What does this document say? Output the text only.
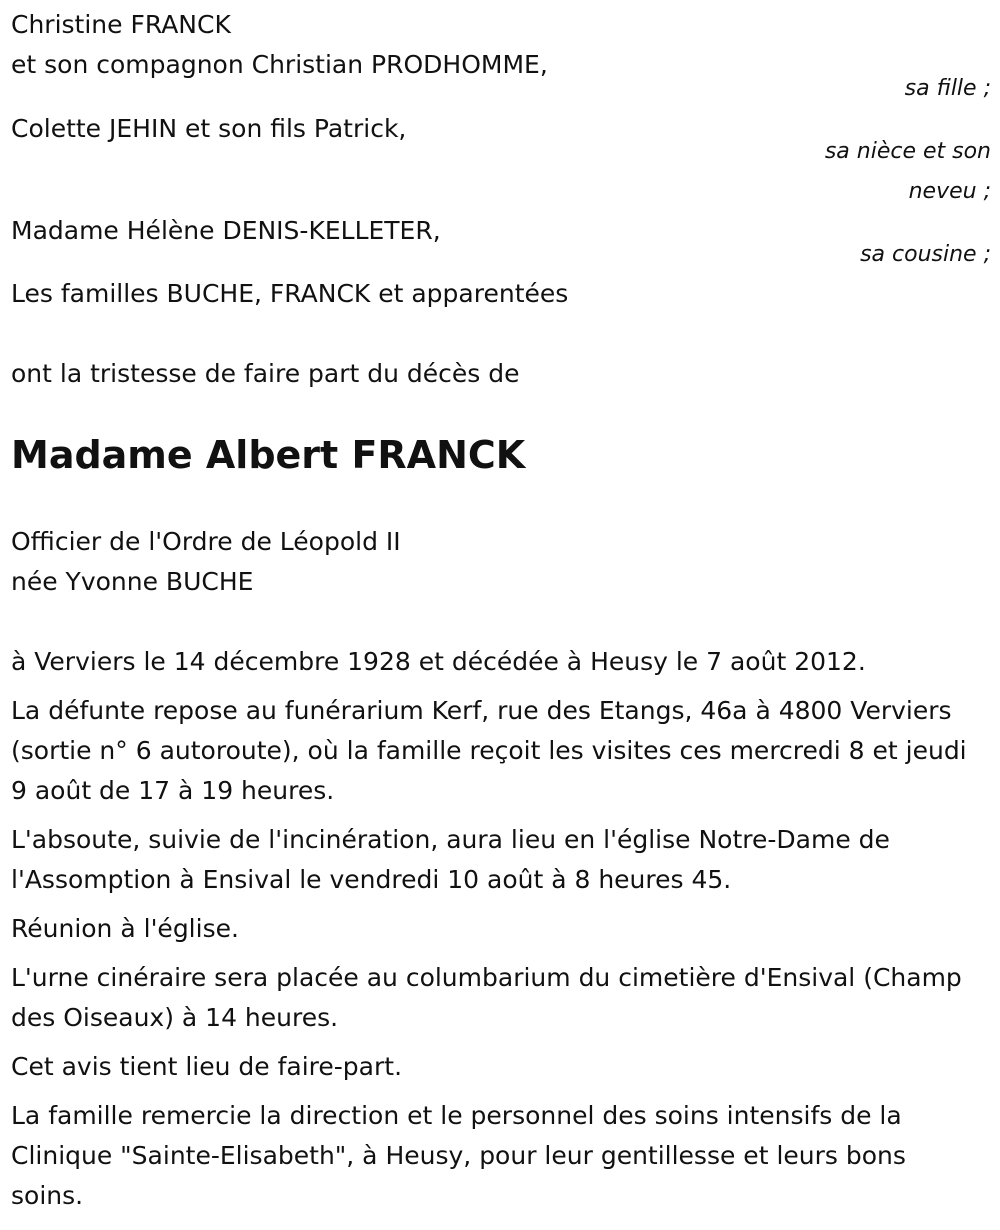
Christine FRANCK

et son compagnon Christian PRODHOMME,

Colette JEHIN et son fils Patrick,

Madame Hélène DENIS-KELLETER,

Les familles BUCHE, FRANCK et apparentées

ont la tristesse de faire part du décès de

Madame Albert FRANCK

Officier de l'Ordre de Léopold II

née Yvonne BUCHE

à Verviers le 14 décembre 1928 et décédée à Heusy le 7 août 2012.

La défunte repose au funérarium Kerf, rue des Etangs, 46a à 4800 Verviers (sortie n° 6 autoroute), où la famille reçoit les visites ces mercredi 8 et jeudi 9 août de 17 à 19 heures.

L'absoute, suivie de l'incinération, aura lieu en l'église Notre-Dame de l'Assomption à Ensival le vendredi 10 août à 8 heures 45.

Réunion à l'église.

L'urne cinéraire sera placée au columbarium du cimetière d'Ensival (Champ des Oiseaux) à 14 heures.

Cet avis tient lieu de faire-part.

La famille remercie la direction et le personnel des soins intensifs de la Clinique "Sainte-Elisabeth", à Heusy, pour leur gentillesse et leurs bons soins.

sa fille ;
sa nièce et son
neveu ;
sa cousine ;
